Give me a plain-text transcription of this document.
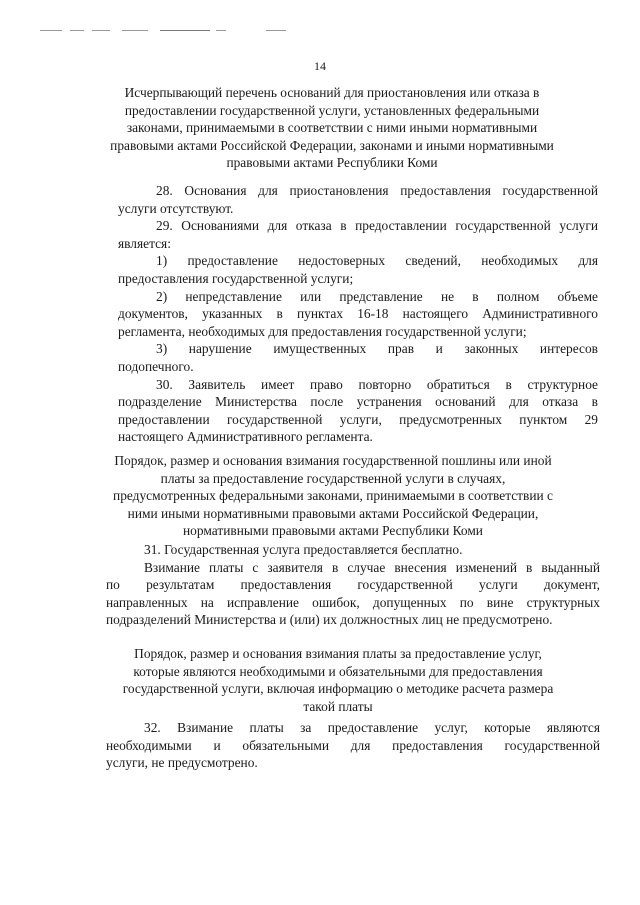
14
Исчерпывающий перечень оснований для приостановления или отказа в
предоставлении государственной услуги, установленных федеральными
законами, принимаемыми в соответствии с ними иными нормативными
правовыми актами Российской Федерации, законами и иными нормативными
правовыми актами Республики Коми
28. Основания для приостановления предоставления государственной
услуги отсутствуют.
29. Основаниями для отказа в предоставлении государственной услуги
является:
1) предоставление недостоверных сведений, необходимых для
предоставления государственной услуги;
2) непредставление или представление не в полном объеме
документов, указанных в пунктах 16-18 настоящего Административного
регламента, необходимых для предоставления государственной услуги;
3) нарушение имущественных прав и законных интересов
подопечного.
30. Заявитель имеет право повторно обратиться в структурное
подразделение Министерства после устранения оснований для отказа в
предоставлении государственной услуги, предусмотренных пунктом 29
настоящего Административного регламента.
Порядок, размер и основания взимания государственной пошлины или иной
платы за предоставление государственной услуги в случаях,
предусмотренных федеральными законами, принимаемыми в соответствии с
ними иными нормативными правовыми актами Российской Федерации,
нормативными правовыми актами Республики Коми
31. Государственная услуга предоставляется бесплатно.
Взимание платы с заявителя в случае внесения изменений в выданный
по результатам предоставления государственной услуги документ,
направленных на исправление ошибок, допущенных по вине структурных
подразделений Министерства и (или) их должностных лиц не предусмотрено.
Порядок, размер и основания взимания платы за предоставление услуг,
которые являются необходимыми и обязательными для предоставления
государственной услуги, включая информацию о методике расчета размера
такой платы
32. Взимание платы за предоставление услуг, которые являются
необходимыми и обязательными для предоставления государственной
услуги, не предусмотрено.
